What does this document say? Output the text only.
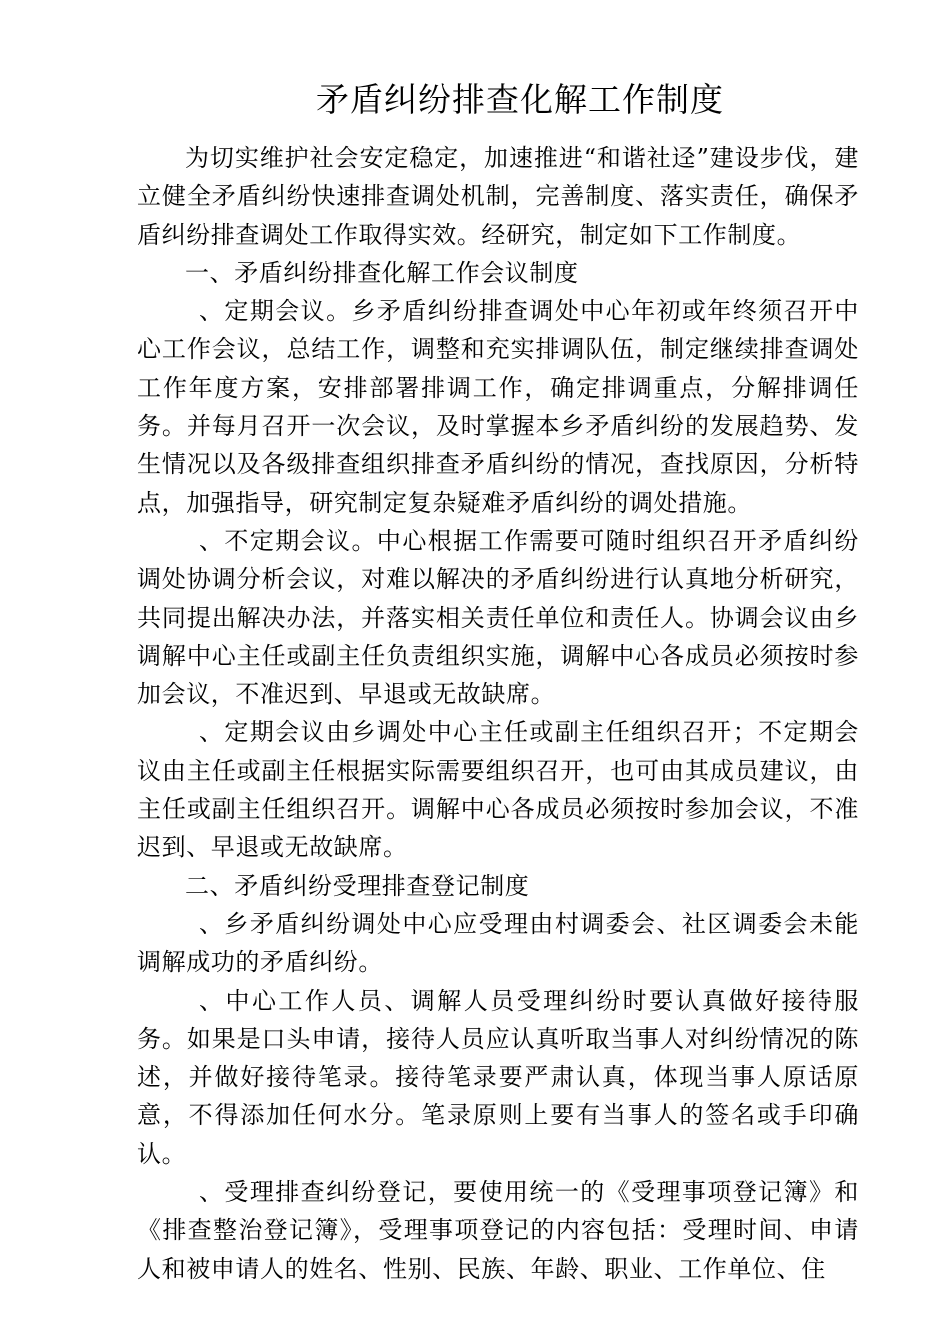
矛盾纠纷排查化解工作制度

为切实维护社会安定稳定，加速推进“和谐社迳”建设步伐，建立健全矛盾纠纷快速排查调处机制，完善制度、落实责任，确保矛盾纠纷排查调处工作取得实效。经研究，制定如下工作制度。

一、矛盾纠纷排查化解工作会议制度

、定期会议。乡矛盾纠纷排查调处中心年初或年终须召开中心工作会议，总结工作，调整和充实排调队伍，制定继续排查调处工作年度方案，安排部署排调工作，确定排调重点，分解排调任务。并每月召开一次会议，及时掌握本乡矛盾纠纷的发展趋势、发生情况以及各级排查组织排查矛盾纠纷的情况，查找原因，分析特点，加强指导，研究制定复杂疑难矛盾纠纷的调处措施。

、不定期会议。中心根据工作需要可随时组织召开矛盾纠纷调处协调分析会议，对难以解决的矛盾纠纷进行认真地分析研究，共同提出解决办法，并落实相关责任单位和责任人。协调会议由乡调解中心主任或副主任负责组织实施，调解中心各成员必须按时参加会议，不准迟到、早退或无故缺席。

、定期会议由乡调处中心主任或副主任组织召开；不定期会议由主任或副主任根据实际需要组织召开，也可由其成员建议，由主任或副主任组织召开。调解中心各成员必须按时参加会议，不准迟到、早退或无故缺席。

二、矛盾纠纷受理排查登记制度

、乡矛盾纠纷调处中心应受理由村调委会、社区调委会未能调解成功的矛盾纠纷。

、中心工作人员、调解人员受理纠纷时要认真做好接待服务。如果是口头申请，接待人员应认真听取当事人对纠纷情况的陈述，并做好接待笔录。接待笔录要严肃认真，体现当事人原话原意，不得添加任何水分。笔录原则上要有当事人的签名或手印确认。

、受理排查纠纷登记，要使用统一的《受理事项登记簿》和《排查整治登记簿》，受理事项登记的内容包括：受理时间、申请人和被申请人的姓名、性别、民族、年龄、职业、工作单位、住
